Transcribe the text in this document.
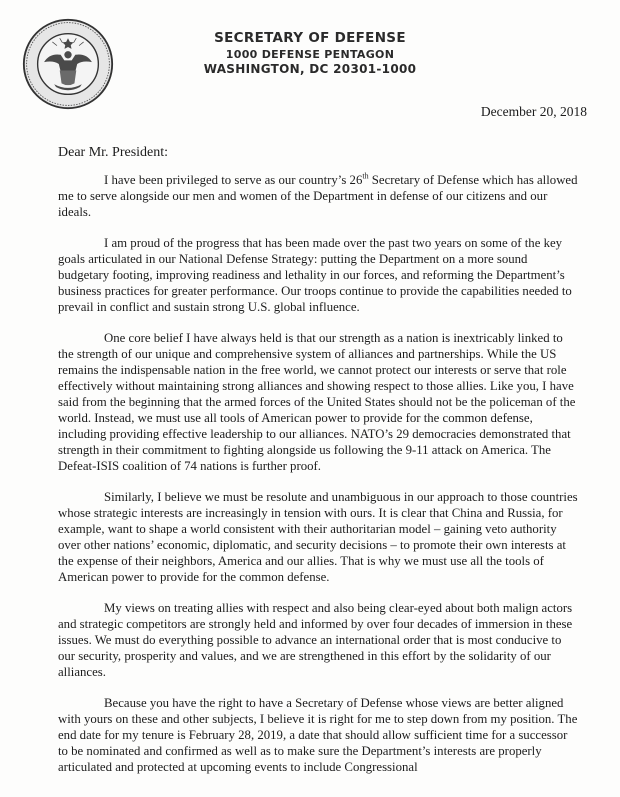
SECRETARY OF DEFENSE
1000 DEFENSE PENTAGON
WASHINGTON, DC 20301-1000
December 20, 2018
Dear Mr. President:

I have been privileged to serve as our country’s 26th Secretary of Defense which has allowed me to serve alongside our men and women of the Department in defense of our citizens and our ideals.

I am proud of the progress that has been made over the past two years on some of the key goals articulated in our National Defense Strategy: putting the Department on a more sound budgetary footing, improving readiness and lethality in our forces, and reforming the Department’s business practices for greater performance. Our troops continue to provide the capabilities needed to prevail in conflict and sustain strong U.S. global influence.

One core belief I have always held is that our strength as a nation is inextricably linked to the strength of our unique and comprehensive system of alliances and partnerships. While the US remains the indispensable nation in the free world, we cannot protect our interests or serve that role effectively without maintaining strong alliances and showing respect to those allies. Like you, I have said from the beginning that the armed forces of the United States should not be the policeman of the world. Instead, we must use all tools of American power to provide for the common defense, including providing effective leadership to our alliances. NATO’s 29 democracies demonstrated that strength in their commitment to fighting alongside us following the 9-11 attack on America. The Defeat-ISIS coalition of 74 nations is further proof.

Similarly, I believe we must be resolute and unambiguous in our approach to those countries whose strategic interests are increasingly in tension with ours. It is clear that China and Russia, for example, want to shape a world consistent with their authoritarian model – gaining veto authority over other nations’ economic, diplomatic, and security decisions – to promote their own interests at the expense of their neighbors, America and our allies. That is why we must use all the tools of American power to provide for the common defense.

My views on treating allies with respect and also being clear-eyed about both malign actors and strategic competitors are strongly held and informed by over four decades of immersion in these issues. We must do everything possible to advance an international order that is most conducive to our security, prosperity and values, and we are strengthened in this effort by the solidarity of our alliances.

Because you have the right to have a Secretary of Defense whose views are better aligned with yours on these and other subjects, I believe it is right for me to step down from my position. The end date for my tenure is February 28, 2019, a date that should allow sufficient time for a successor to be nominated and confirmed as well as to make sure the Department’s interests are properly articulated and protected at upcoming events to include Congressional
